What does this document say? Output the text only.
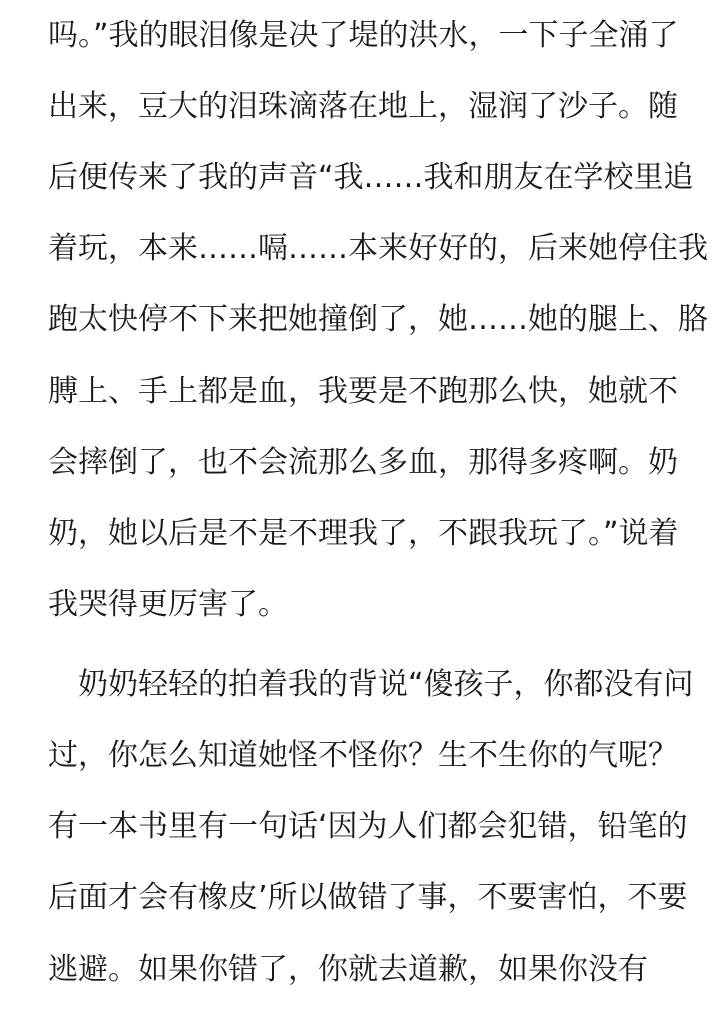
吗。”我的眼泪像是决了堤的洪水，一下子全涌了
出来，豆大的泪珠滴落在地上，湿润了沙子。随
后便传来了我的声音“我……我和朋友在学校里追
着玩，本来……嗝……本来好好的，后来她停住我
跑太快停不下来把她撞倒了，她……她的腿上、胳
膊上、手上都是血，我要是不跑那么快，她就不
会摔倒了，也不会流那么多血，那得多疼啊。奶
奶，她以后是不是不理我了，不跟我玩了。”说着
我哭得更厉害了。
奶奶轻轻的拍着我的背说“傻孩子，你都没有问
过，你怎么知道她怪不怪你？生不生你的气呢？
有一本书里有一句话‘因为人们都会犯错，铅笔的
后面才会有橡皮’所以做错了事，不要害怕，不要
逃避。如果你错了，你就去道歉，如果你没有
